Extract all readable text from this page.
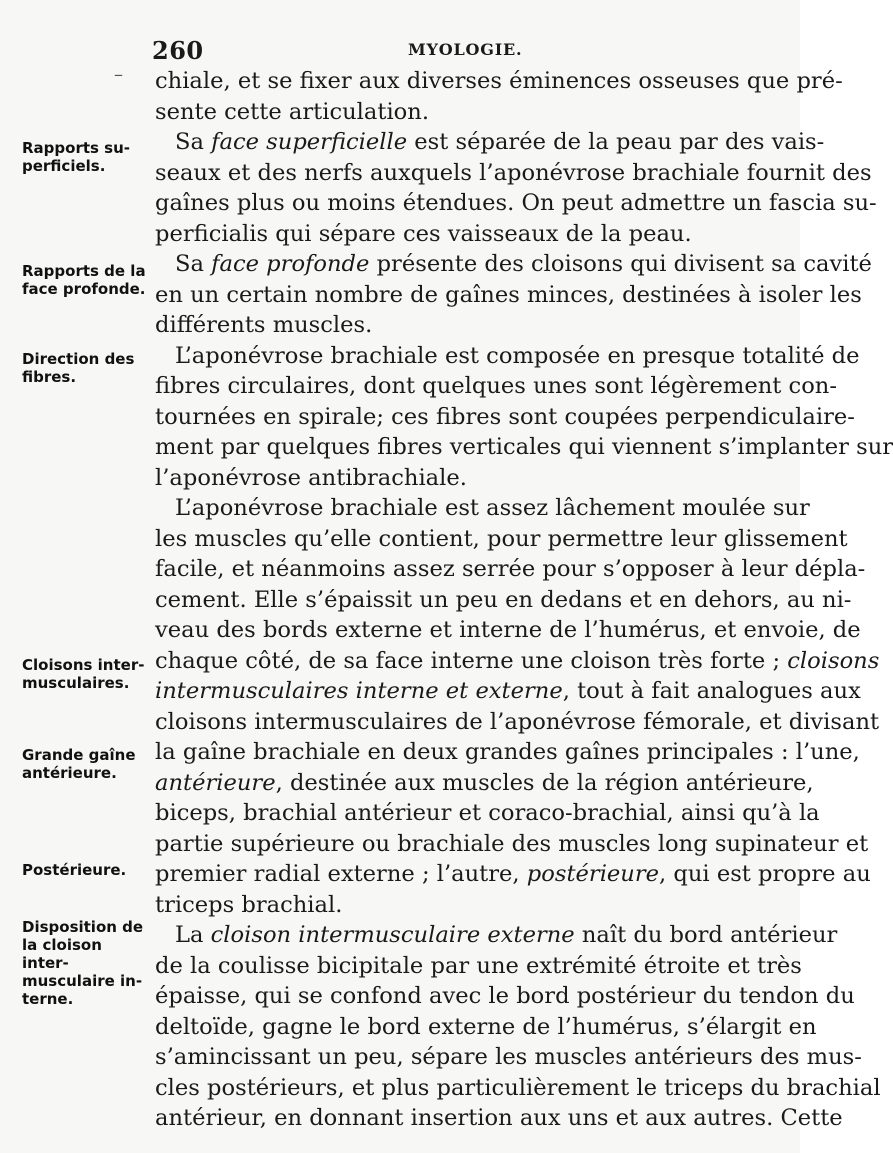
260	MYOLOGIE.
–
Rapports su-
perficiels.
Rapports de la
face profonde.
Direction des
fibres.
Cloisons inter-
musculaires.
Grande gaîne
antérieure.
Postérieure.
Disposition de
la cloison inter-
musculaire in-
terne.
chiale, et se fixer aux diverses éminences osseuses que pré-
sente cette articulation.
Sa face superficielle est séparée de la peau par des vais-
seaux et des nerfs auxquels l’aponévrose brachiale fournit des
gaînes plus ou moins étendues. On peut admettre un fascia su-
perficialis qui sépare ces vaisseaux de la peau.
Sa face profonde présente des cloisons qui divisent sa cavité
en un certain nombre de gaînes minces, destinées à isoler les
différents muscles.
L’aponévrose brachiale est composée en presque totalité de
fibres circulaires, dont quelques unes sont légèrement con-
tournées en spirale; ces fibres sont coupées perpendiculaire-
ment par quelques fibres verticales qui viennent s’implanter sur
l’aponévrose antibrachiale.
L’aponévrose brachiale est assez lâchement moulée sur
les muscles qu’elle contient, pour permettre leur glissement
facile, et néanmoins assez serrée pour s’opposer à leur dépla-
cement. Elle s’épaissit un peu en dedans et en dehors, au ni-
veau des bords externe et interne de l’humérus, et envoie, de
chaque côté, de sa face interne une cloison très forte ; cloisons
intermusculaires interne et externe, tout à fait analogues aux
cloisons intermusculaires de l’aponévrose fémorale, et divisant
la gaîne brachiale en deux grandes gaînes principales : l’une,
antérieure, destinée aux muscles de la région antérieure,
biceps, brachial antérieur et coraco-brachial, ainsi qu’à la
partie supérieure ou brachiale des muscles long supinateur et
premier radial externe ; l’autre, postérieure, qui est propre au
triceps brachial.
La cloison intermusculaire externe naît du bord antérieur
de la coulisse bicipitale par une extrémité étroite et très
épaisse, qui se confond avec le bord postérieur du tendon du
deltoïde, gagne le bord externe de l’humérus, s’élargit en
s’amincissant un peu, sépare les muscles antérieurs des mus-
cles postérieurs, et plus particulièrement le triceps du brachial
antérieur, en donnant insertion aux uns et aux autres. Cette
